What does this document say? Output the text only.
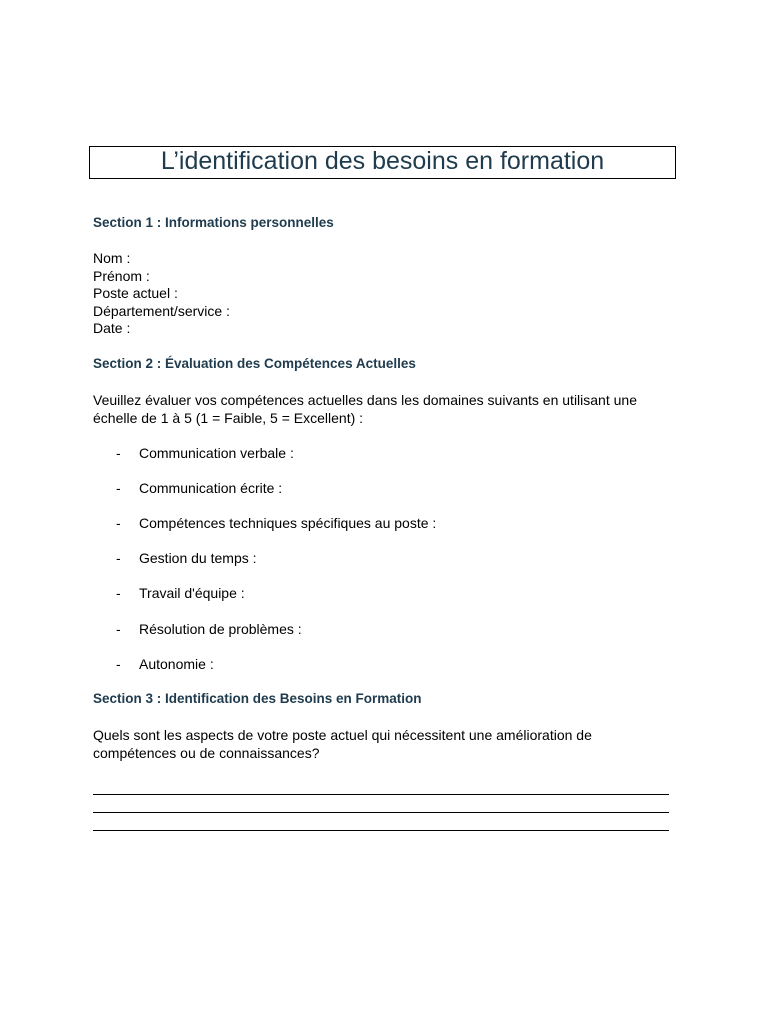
L’identification des besoins en formation
Section 1 : Informations personnelles
Nom :
Prénom :
Poste actuel :
Département/service :
Date :
Section 2 : Évaluation des Compétences Actuelles
Veuillez évaluer vos compétences actuelles dans les domaines suivants en utilisant une
échelle de 1 à 5 (1 = Faible, 5 = Excellent) :
- Communication verbale :
- Communication écrite :
- Compétences techniques spécifiques au poste :
- Gestion du temps :
- Travail d'équipe :
- Résolution de problèmes :
- Autonomie :
Section 3 : Identification des Besoins en Formation
Quels sont les aspects de votre poste actuel qui nécessitent une amélioration de
compétences ou de connaissances?
